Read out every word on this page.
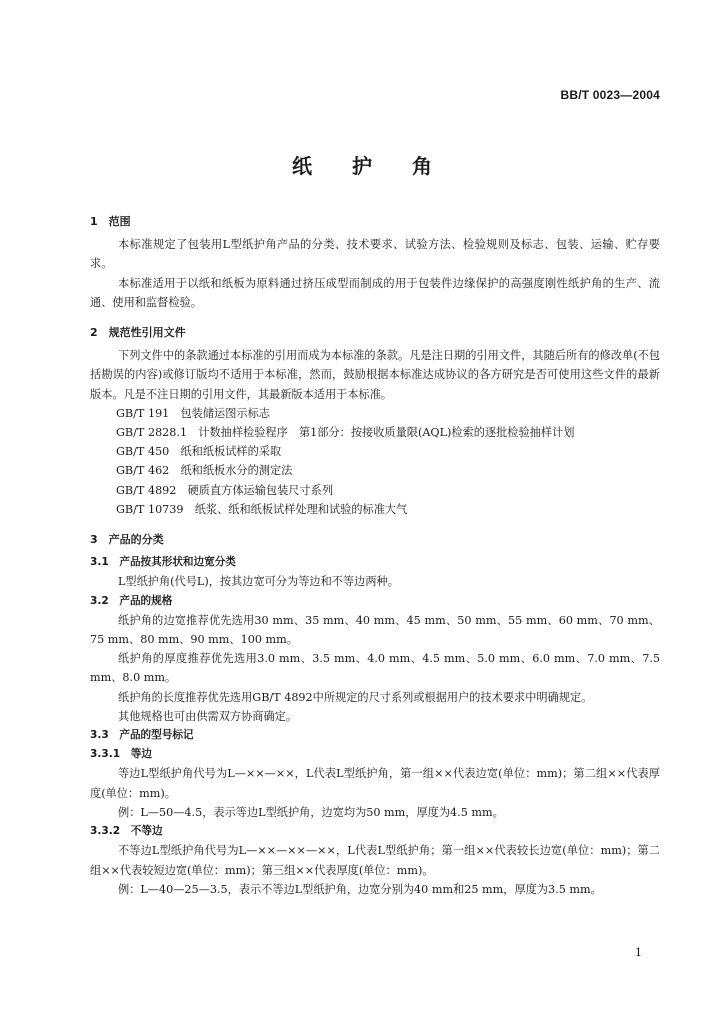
BB/T 0023—2004
纸护角

1　范围

本标准规定了包装用L型纸护角产品的分类、技术要求、试验方法、检验规则及标志、包装、运输、贮存要求。

本标准适用于以纸和纸板为原料通过挤压成型而制成的用于包装件边缘保护的高强度刚性纸护角的生产、流通、使用和监督检验。

2　规范性引用文件

下列文件中的条款通过本标准的引用而成为本标准的条款。凡是注日期的引用文件，其随后所有的修改单(不包括勘误的内容)或修订版均不适用于本标准，然而，鼓励根据本标准达成协议的各方研究是否可使用这些文件的最新版本。凡是不注日期的引用文件，其最新版本适用于本标准。

GB/T 191　包装储运图示标志

GB/T 2828.1　计数抽样检验程序　第1部分：按接收质量限(AQL)检索的逐批检验抽样计划

GB/T 450　纸和纸板试样的采取

GB/T 462　纸和纸板水分的测定法

GB/T 4892　硬质直方体运输包装尺寸系列

GB/T 10739　纸浆、纸和纸板试样处理和试验的标准大气

3　产品的分类

3.1　产品按其形状和边宽分类

L型纸护角(代号L)，按其边宽可分为等边和不等边两种。

3.2　产品的规格

纸护角的边宽推荐优先选用30 mm、35 mm、40 mm、45 mm、50 mm、55 mm、60 mm、70 mm、75 mm、80 mm、90 mm、100 mm。

纸护角的厚度推荐优先选用3.0 mm、3.5 mm、4.0 mm、4.5 mm、5.0 mm、6.0 mm、7.0 mm、7.5 mm、8.0 mm。

纸护角的长度推荐优先选用GB/T 4892中所规定的尺寸系列或根据用户的技术要求中明确规定。

其他规格也可由供需双方协商确定。

3.3　产品的型号标记

3.3.1　等边

等边L型纸护角代号为L—××—××，L代表L型纸护角，第一组××代表边宽(单位：mm)；第二组××代表厚度(单位：mm)。

例：L—50—4.5，表示等边L型纸护角，边宽均为50 mm，厚度为4.5 mm。

3.3.2　不等边

不等边L型纸护角代号为L—××—××—××，L代表L型纸护角；第一组××代表较长边宽(单位：mm)；第二组××代表较短边宽(单位：mm)；第三组××代表厚度(单位：mm)。

例：L—40—25—3.5，表示不等边L型纸护角，边宽分别为40 mm和25 mm，厚度为3.5 mm。

1
